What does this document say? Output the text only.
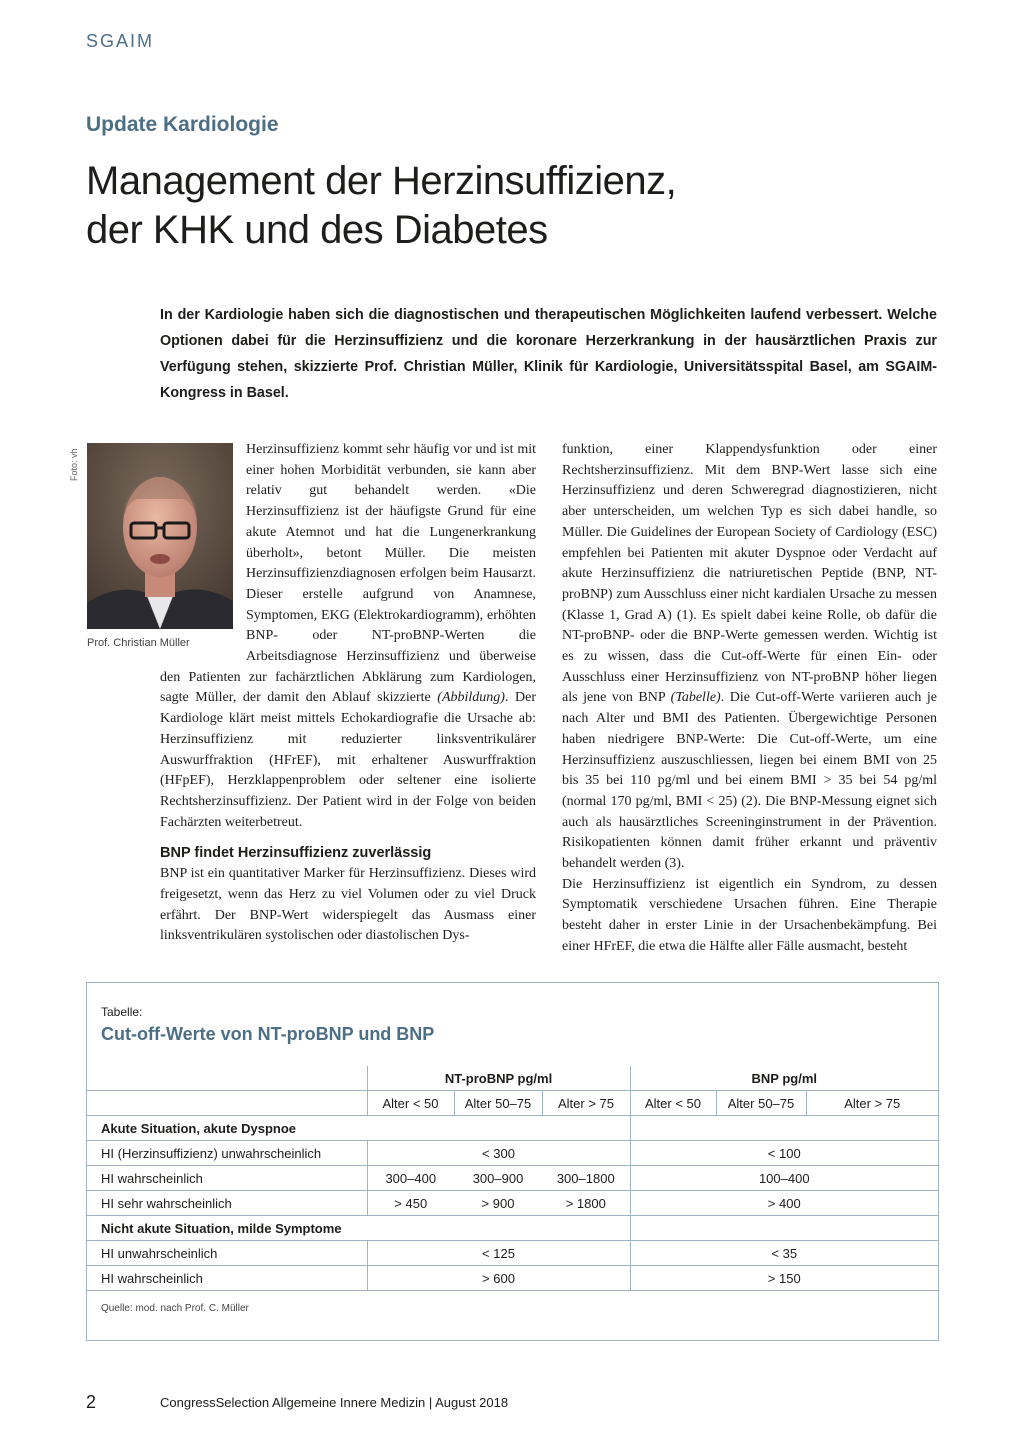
SGAIM
Update Kardiologie
Management der Herzinsuffizienz,
der KHK und des Diabetes
In der Kardiologie haben sich die diagnostischen und therapeutischen Möglichkeiten laufend verbessert. Welche Optionen dabei für die Herzinsuffizienz und die koronare Herzerkrankung in der hausärztlichen Praxis zur Verfügung stehen, skizzierte Prof. Christian Müller, Klinik für Kardiologie, Universitätsspital Basel, am SGAIM-Kongress in Basel.
Foto: vh
Prof. Christian Müller

Herzinsuffizienz kommt sehr häufig vor und ist mit einer hohen Morbidität verbunden, sie kann aber relativ gut behandelt werden. «Die Herzinsuffizienz ist der häufigste Grund für eine akute Atemnot und hat die Lungenerkrankung überholt», betont Müller. Die meisten Herzinsuffizienzdiagnosen erfolgen beim Hausarzt. Dieser erstelle aufgrund von Anamnese, Symptomen, EKG (Elektrokardiogramm), erhöhten BNP- oder NT-proBNP-Werten die Arbeitsdiagnose Herzinsuffizienz und überweise den Patienten zur fachärztlichen Abklärung zum Kardiologen, sagte Müller, der damit den Ablauf skizzierte (Abbildung). Der Kardiologe klärt meist mittels Echokardiografie die Ursache ab: Herzinsuffizienz mit reduzierter linksventrikulärer Auswurffraktion (HFrEF), mit erhaltener Auswurffraktion (HFpEF), Herzklappenproblem oder seltener eine isolierte Rechtsherzinsuffizienz. Der Patient wird in der Folge von beiden Fachärzten weiterbetreut.

BNP findet Herzinsuffizienz zuverlässig

BNP ist ein quantitativer Marker für Herzinsuffizienz. Dieses wird freigesetzt, wenn das Herz zu viel Volumen oder zu viel Druck erfährt. Der BNP-Wert widerspiegelt das Ausmass einer linksventrikulären systolischen oder diastolischen Dys-

funktion, einer Klappendysfunktion oder einer Rechtsherzinsuffizienz. Mit dem BNP-Wert lasse sich eine Herzinsuffizienz und deren Schweregrad diagnostizieren, nicht aber unterscheiden, um welchen Typ es sich dabei handle, so Müller. Die Guidelines der European Society of Cardiology (ESC) empfehlen bei Patienten mit akuter Dyspnoe oder Verdacht auf akute Herzinsuffizienz die natriuretischen Peptide (BNP, NT-proBNP) zum Ausschluss einer nicht kardialen Ursache zu messen (Klasse 1, Grad A) (1). Es spielt dabei keine Rolle, ob dafür die NT-proBNP- oder die BNP-Werte gemessen werden. Wichtig ist es zu wissen, dass die Cut-off-Werte für einen Ein- oder Ausschluss einer Herzinsuffizienz von NT-proBNP höher liegen als jene von BNP (Tabelle). Die Cut-off-Werte variieren auch je nach Alter und BMI des Patienten. Übergewichtige Personen haben niedrigere BNP-Werte: Die Cut-off-Werte, um eine Herzinsuffizienz auszuschliessen, liegen bei einem BMI von 25 bis 35 bei 110 pg/ml und bei einem BMI > 35 bei 54 pg/ml (normal 170 pg/ml, BMI < 25) (2). Die BNP-Messung eignet sich auch als hausärztliches Screeninginstrument in der Prävention. Risikopatienten können damit früher erkannt und präventiv behandelt werden (3).

Die Herzinsuffizienz ist eigentlich ein Syndrom, zu dessen Symptomatik verschiedene Ursachen führen. Eine Therapie besteht daher in erster Linie in der Ursachenbekämpfung. Bei einer HFrEF, die etwa die Hälfte aller Fälle ausmacht, besteht

Tabelle:
Cut-off-Werte von NT-proBNP und BNP
	NT-proBNP pg/ml			BNP pg/ml		
	Alter < 50	Alter 50–75	Alter > 75	Alter < 50	Alter 50–75	Alter > 75
Akute Situation, akute Dyspnoe						
HI (Herzinsuffizienz) unwahrscheinlich	< 300			< 100		
HI wahrscheinlich	300–400	300–900	300–1800	100–400		
HI sehr wahrscheinlich	> 450	> 900	> 1800	> 400		
Nicht akute Situation, milde Symptome						
HI unwahrscheinlich	< 125			< 35		
HI wahrscheinlich	> 600			> 150		
Quelle: mod. nach Prof. C. Müller
2	CongressSelection Allgemeine Innere Medizin | August 2018
